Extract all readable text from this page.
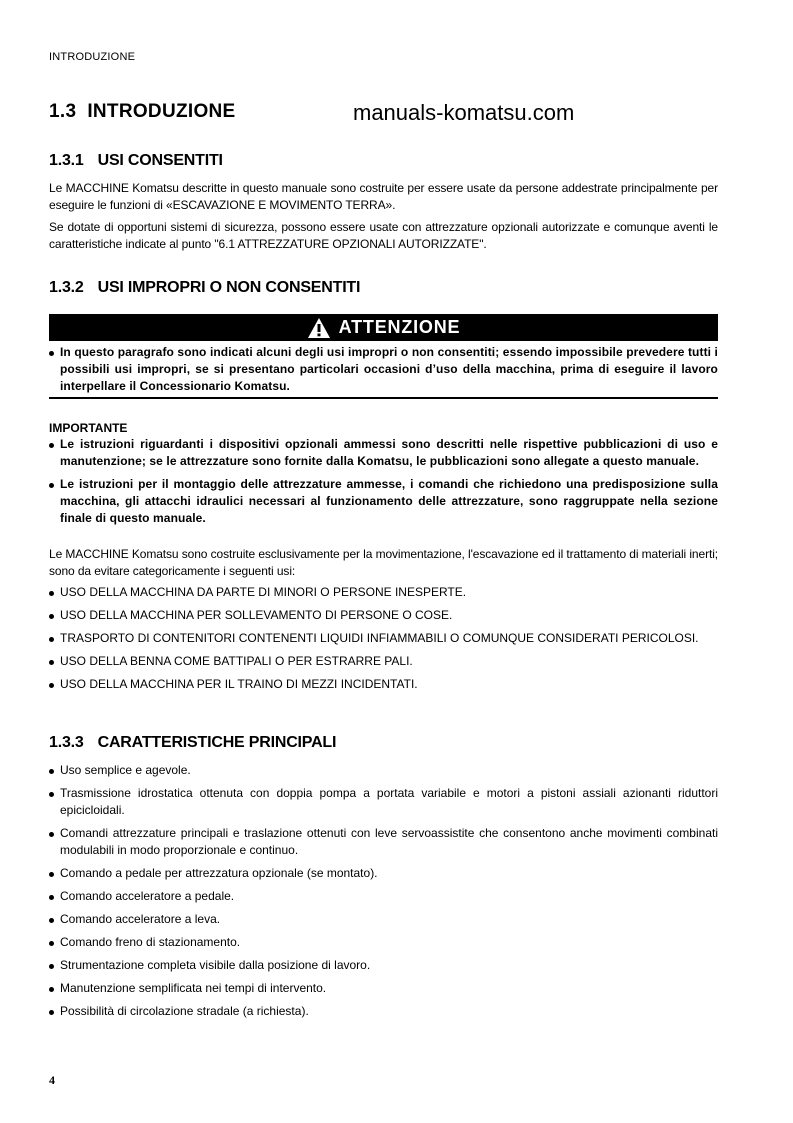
INTRODUZIONE
1.3 INTRODUZIONE	manuals-komatsu.com
1.3.1 USI CONSENTITI
Le MACCHINE Komatsu descritte in questo manuale sono costruite per essere usate da persone addestrate principalmente per eseguire le funzioni di «ESCAVAZIONE E MOVIMENTO TERRA».
Se dotate di opportuni sistemi di sicurezza, possono essere usate con attrezzature opzionali autorizzate e comunque aventi le caratteristiche indicate al punto "6.1 ATTREZZATURE OPZIONALI AUTORIZZATE".
1.3.2 USI IMPROPRI O NON CONSENTITI
ATTENZIONE
In questo paragrafo sono indicati alcuni degli usi impropri o non consentiti; essendo impossibile prevedere tutti i possibili usi impropri, se si presentano particolari occasioni d’uso della macchina, prima di eseguire il lavoro interpellare il Concessionario Komatsu.
IMPORTANTE
Le istruzioni riguardanti i dispositivi opzionali ammessi sono descritti nelle rispettive pubblicazioni di uso e manutenzione; se le attrezzature sono fornite dalla Komatsu, le pubblicazioni sono allegate a questo manuale.
Le istruzioni per il montaggio delle attrezzature ammesse, i comandi che richiedono una predisposizione sulla macchina, gli attacchi idraulici necessari al funzionamento delle attrezzature, sono raggruppate nella sezione finale di questo manuale.
Le MACCHINE Komatsu sono costruite esclusivamente per la movimentazione, l'escavazione ed il trattamento di materiali inerti; sono da evitare categoricamente i seguenti usi:
USO DELLA MACCHINA DA PARTE DI MINORI O PERSONE INESPERTE.
USO DELLA MACCHINA PER SOLLEVAMENTO DI PERSONE O COSE.
TRASPORTO DI CONTENITORI CONTENENTI LIQUIDI INFIAMMABILI O COMUNQUE CONSIDERATI PERICOLOSI.
USO DELLA BENNA COME BATTIPALI O PER ESTRARRE PALI.
USO DELLA MACCHINA PER IL TRAINO DI MEZZI INCIDENTATI.
1.3.3 CARATTERISTICHE PRINCIPALI
Uso semplice e agevole.
Trasmissione idrostatica ottenuta con doppia pompa a portata variabile e motori a pistoni assiali azionanti riduttori epicicloidali.
Comandi attrezzature principali e traslazione ottenuti con leve servoassistite che consentono anche movimenti combinati modulabili in modo proporzionale e continuo.
Comando a pedale per attrezzatura opzionale (se montato).
Comando acceleratore a pedale.
Comando acceleratore a leva.
Comando freno di stazionamento.
Strumentazione completa visibile dalla posizione di lavoro.
Manutenzione semplificata nei tempi di intervento.
Possibilità di circolazione stradale (a richiesta).
4
